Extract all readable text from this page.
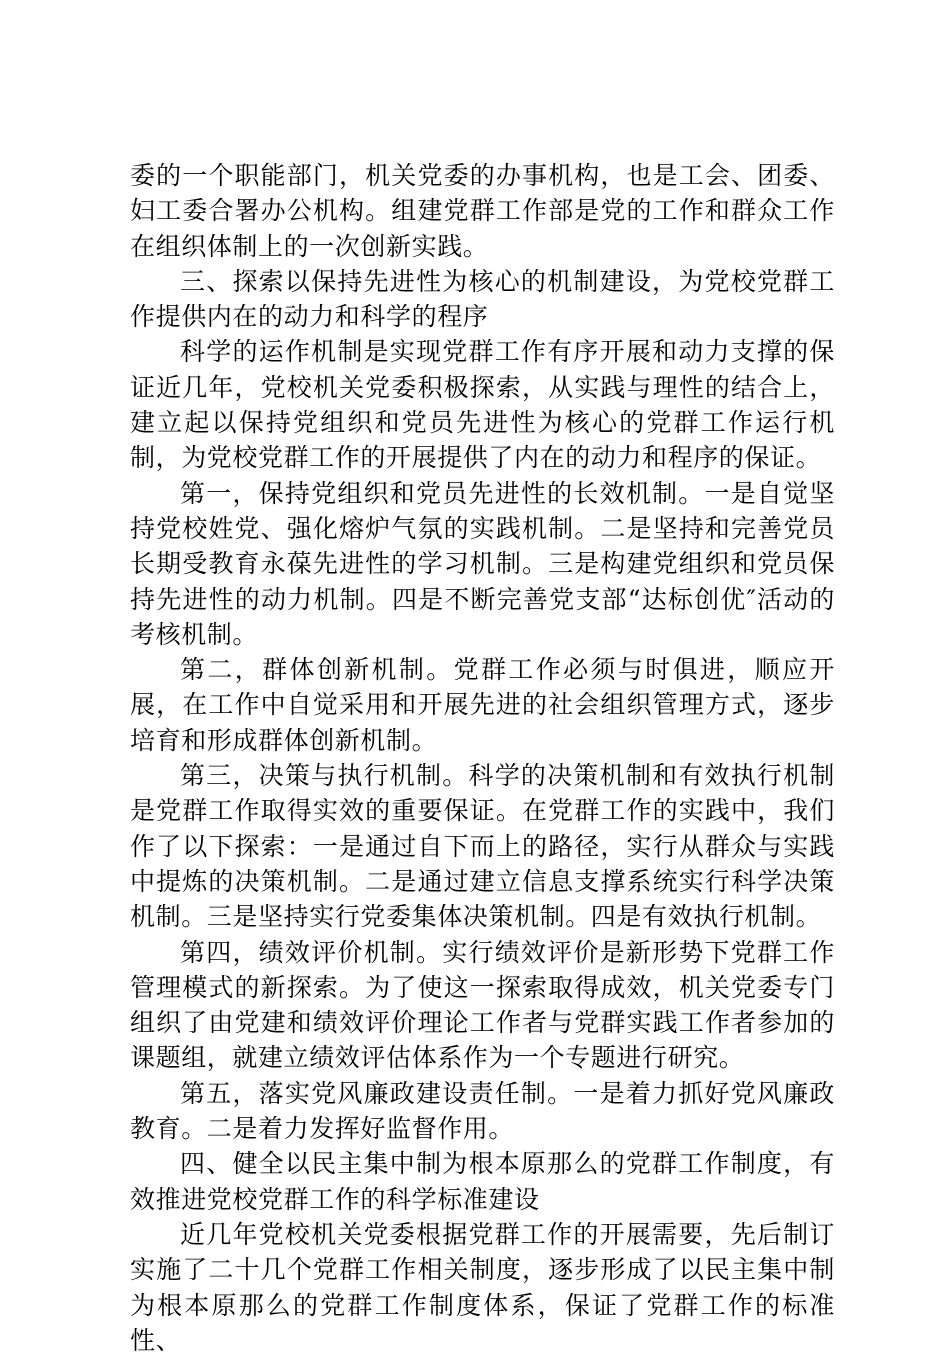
委的一个职能部门，机关党委的办事机构，也是工会、团委、妇工委合署办公机构。组建党群工作部是党的工作和群众工作在组织体制上的一次创新实践。

三、探索以保持先进性为核心的机制建设，为党校党群工作提供内在的动力和科学的程序

科学的运作机制是实现党群工作有序开展和动力支撑的保证近几年，党校机关党委积极探索，从实践与理性的结合上，建立起以保持党组织和党员先进性为核心的党群工作运行机制，为党校党群工作的开展提供了内在的动力和程序的保证。

第一，保持党组织和党员先进性的长效机制。一是自觉坚持党校姓党、强化熔炉气氛的实践机制。二是坚持和完善党员长期受教育永葆先进性的学习机制。三是构建党组织和党员保持先进性的动力机制。四是不断完善党支部“达标创优″活动的考核机制。

第二，群体创新机制。党群工作必须与时俱进，顺应开展，在工作中自觉采用和开展先进的社会组织管理方式，逐步培育和形成群体创新机制。

第三，决策与执行机制。科学的决策机制和有效执行机制是党群工作取得实效的重要保证。在党群工作的实践中，我们作了以下探索：一是通过自下而上的路径，实行从群众与实践中提炼的决策机制。二是通过建立信息支撑系统实行科学决策机制。三是坚持实行党委集体决策机制。四是有效执行机制。

第四，绩效评价机制。实行绩效评价是新形势下党群工作管理模式的新探索。为了使这一探索取得成效，机关党委专门组织了由党建和绩效评价理论工作者与党群实践工作者参加的课题组，就建立绩效评估体系作为一个专题进行研究。

第五，落实党风廉政建设责任制。一是着力抓好党风廉政教育。二是着力发挥好监督作用。

四、健全以民主集中制为根本原那么的党群工作制度，有效推进党校党群工作的科学标准建设

近几年党校机关党委根据党群工作的开展需要，先后制订实施了二十几个党群工作相关制度，逐步形成了以民主集中制为根本原那么的党群工作制度体系，保证了党群工作的标准性、
